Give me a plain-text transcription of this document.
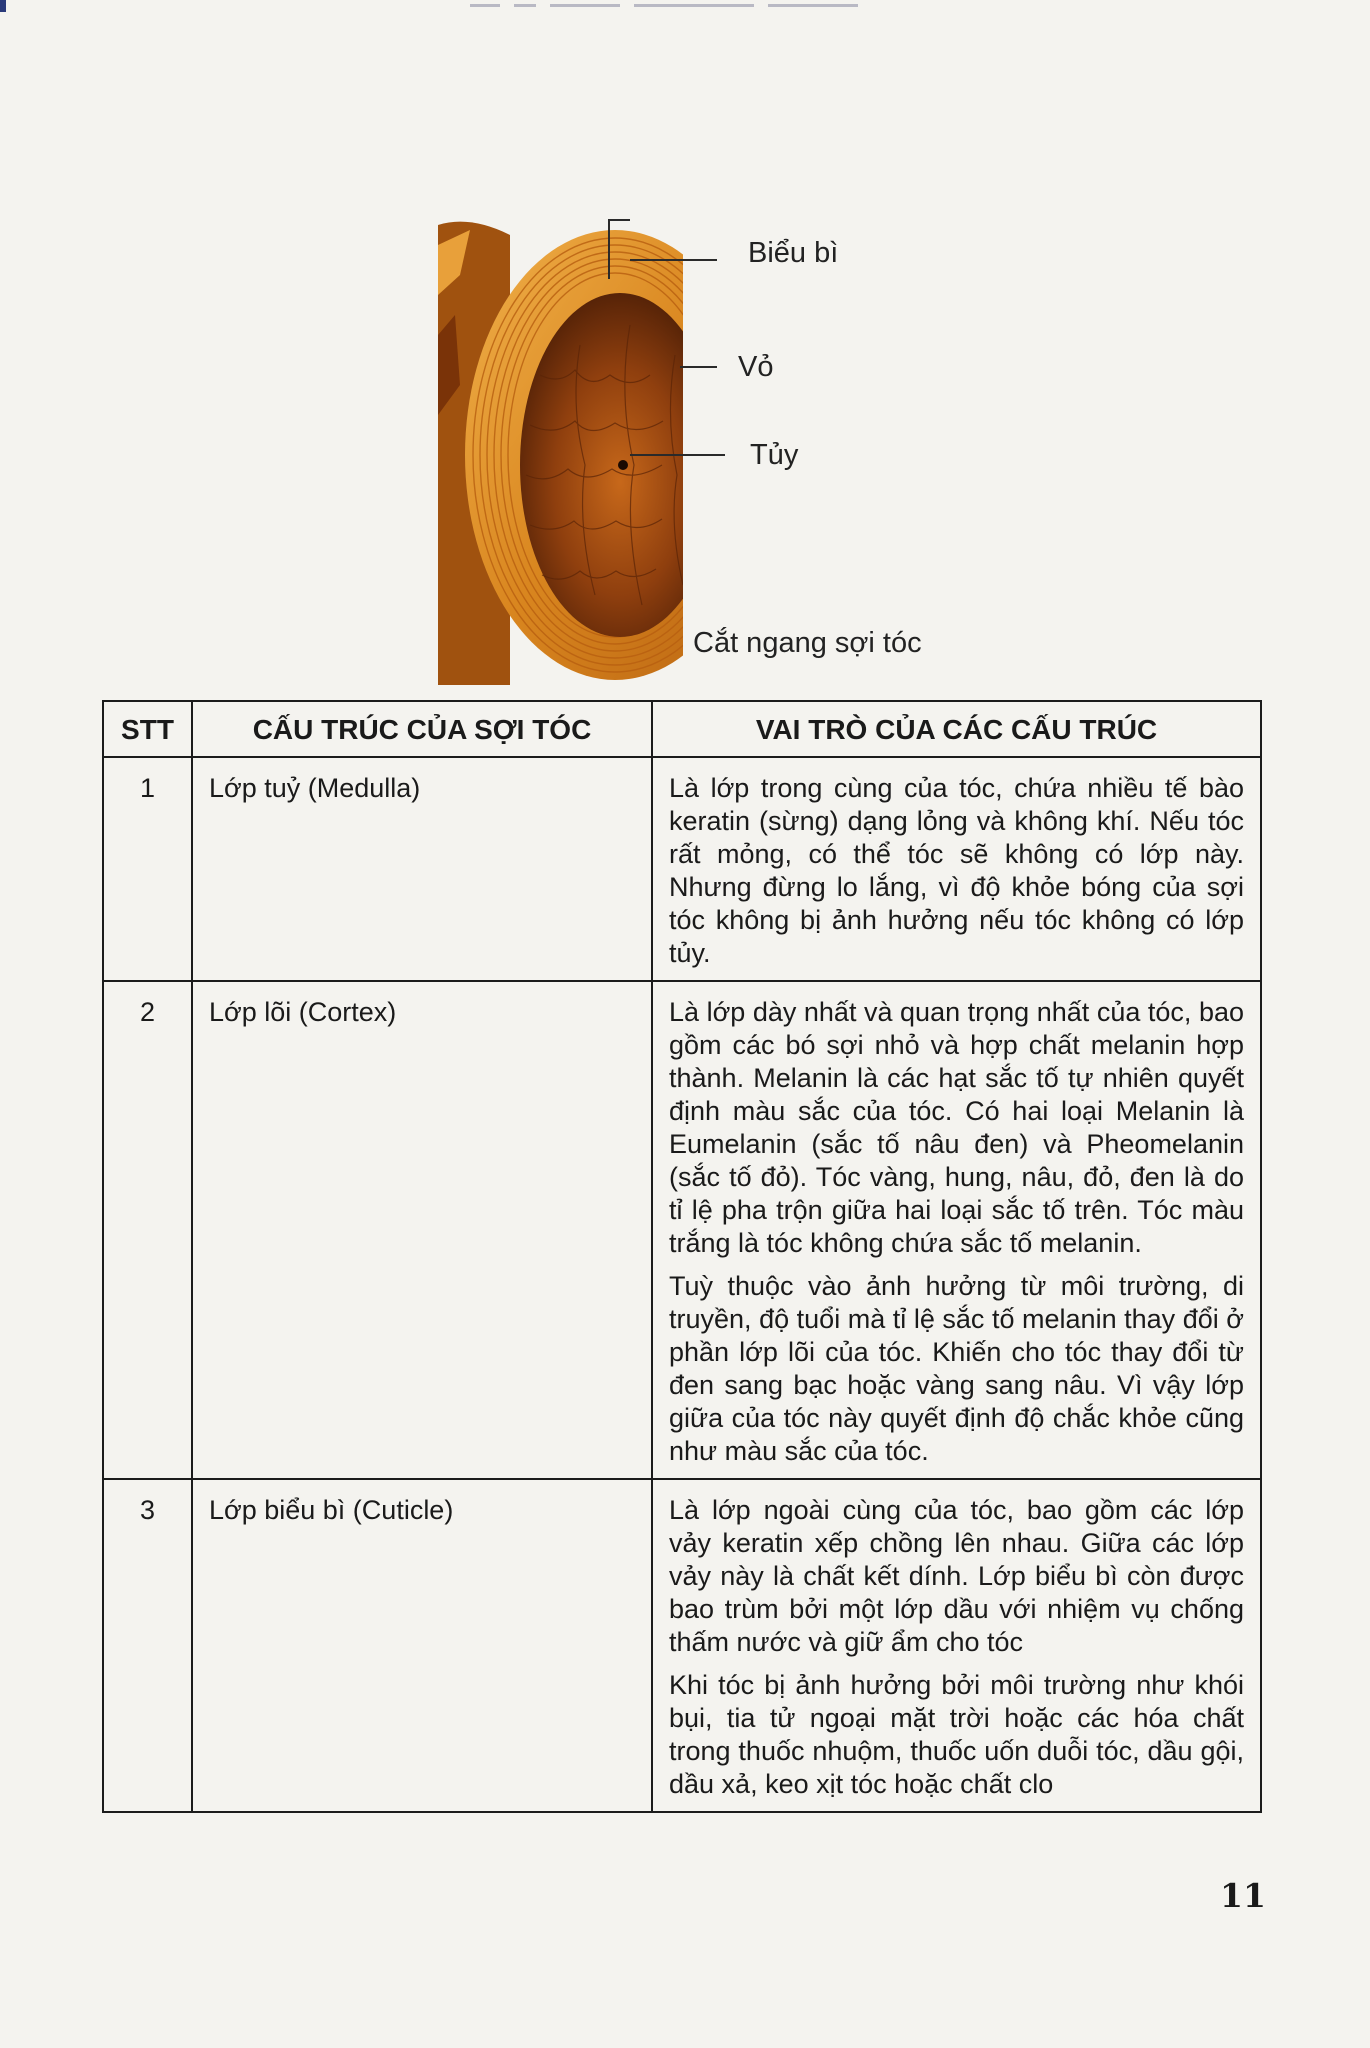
Biểu bì
Vỏ
Tủy
Cắt ngang sợi tóc
STT	CẤU TRÚC CỦA SỢI TÓC	VAI TRÒ CỦA CÁC CẤU TRÚC
1	Lớp tuỷ (Medulla)	Là lớp trong cùng của tóc, chứa nhiều tế bào keratin (sừng) dạng lỏng và không khí. Nếu tóc rất mỏng, có thể tóc sẽ không có lớp này. Nhưng đừng lo lắng, vì độ khỏe bóng của sợi tóc không bị ảnh hưởng nếu tóc không có lớp tủy.

2	Lớp lõi (Cortex)	Là lớp dày nhất và quan trọng nhất của tóc, bao gồm các bó sợi nhỏ và hợp chất melanin hợp thành. Melanin là các hạt sắc tố tự nhiên quyết định màu sắc của tóc. Có hai loại Melanin là Eumelanin (sắc tố nâu đen) và Pheomelanin (sắc tố đỏ). Tóc vàng, hung, nâu, đỏ, đen là do tỉ lệ pha trộn giữa hai loại sắc tố trên. Tóc màu trắng là tóc không chứa sắc tố melanin.

Tuỳ thuộc vào ảnh hưởng từ môi trường, di truyền, độ tuổi mà tỉ lệ sắc tố melanin thay đổi ở phần lớp lõi của tóc. Khiến cho tóc thay đổi từ đen sang bạc hoặc vàng sang nâu. Vì vậy lớp giữa của tóc này quyết định độ chắc khỏe cũng như màu sắc của tóc.

3	Lớp biểu bì (Cuticle)	Là lớp ngoài cùng của tóc, bao gồm các lớp vảy keratin xếp chồng lên nhau. Giữa các lớp vảy này là chất kết dính. Lớp biểu bì còn được bao trùm bởi một lớp dầu với nhiệm vụ chống thấm nước và giữ ẩm cho tóc

Khi tóc bị ảnh hưởng bởi môi trường như khói bụi, tia tử ngoại mặt trời hoặc các hóa chất trong thuốc nhuộm, thuốc uốn duỗi tóc, dầu gội, dầu xả, keo xịt tóc hoặc chất clo

11
